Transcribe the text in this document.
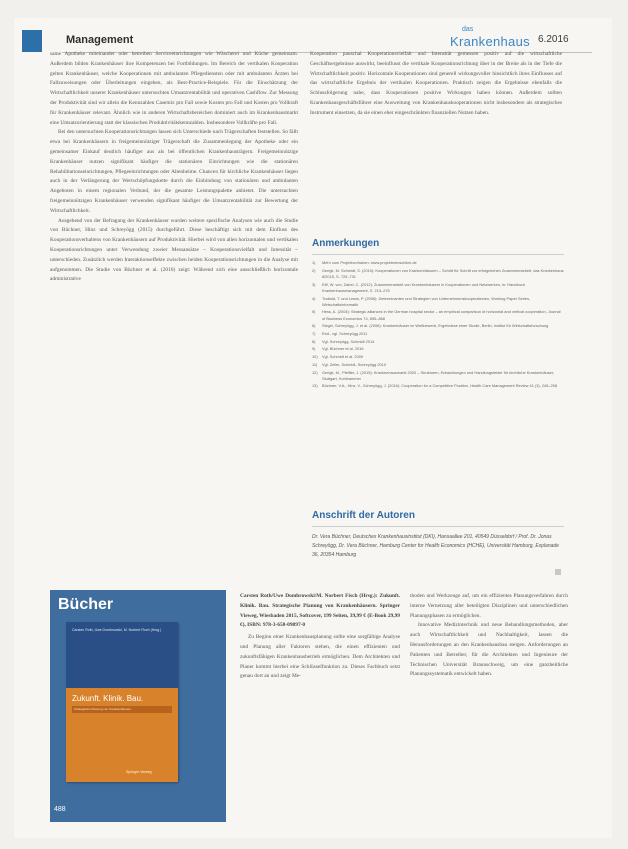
Management
das
Krankenhaus 6.2016

same Apotheke miteinander oder betreiben Serviceeinrichtungen wie Wäscherei und Küche gemeinsam. Außerdem bilden Krankenhäuser ihre Kompetenzen bei Fortbildungen. Im Bereich der vertikalen Kooperation gelten Krankenhäuser, welche Kooperationen mit ambulanten Pflegediensten oder mit ambulanten Ärzten bei Fallzuweisungen oder Überleitungen eingehen, als Best-Practice-Beispiele. Für die Einschätzung der Wirtschaftlichkeit unserer Krankenhäuser untersuchten Umsatzrentabilität und operativen Cashflow. Zur Messung der Produktivität sind wir allein die Kennzahlen Casemix pro Fall sowie Kosten pro Fall und Kosten pro Vollkraft für Krankenhäuser relevant. Ähnlich wie in anderen Wirtschaftsbereichen dominiert auch im Krankenhausmarkt eine Umsatzorientierung statt der klassischen Produktivitätskennzahlen. Insbesondere Vollkräfte pro Fall.

Bei den untersuchten Kooperationsrichtungen lassen sich Unterschiede nach Trägerschaften feststellen. So fällt etwa bei Krankenhäusern in freigemeinnütziger Trägerschaft die Zusammenlegung der Apotheke oder ein gemeinsamer Einkauf deutlich häufiger aus als bei öffentlichen Krankenhausträgern. Freigemeinnützige Krankenhäuser nutzen signifikant häufiger die stationären Einrichtungen wie die stationären Rehabilitationseinrichtungen, Pflegeeinrichtungen oder Altenheime. Chancen für kirchliche Krankenhäuser liegen auch in der Verlängerung der Wertschöpfungskette durch die Einbindung von stationären und ambulanten Angeboten in einem regionalen Verbund, der die gesamte Leistungspalette anbietet. Die untersuchten freigemeinnützigen Krankenhäuser verwenden signifikant häufiger die Umsatzrentabilität zur Bewertung der Wirtschaftlichkeit.

Ausgehend von der Befragung der Krankenhäuser wurden weitere spezifische Analysen wie auch die Studie von Büchner, Hinz und Schreyögg (2015) durchgeführt. Diese beschäftigt sich mit dem Einfluss des Kooperationsverhaltens von Krankenhäusern auf Produktivität. Hierbei wird von allen horizontalen und vertikalen Kooperationsrichtungen unter Verwendung zweier Messansätze – Kooperationsvielfalt und Intensität – unterschieden. Zusätzlich werden Interaktionseffekte zwischen beiden Kooperationsrichtungen in die Analyse mit aufgenommen. Die Studie von Büchner et al. (2016) zeigt: Während sich eine ausschließlich horizontale administrative

Kooperation pauschal Kooperationsvielfalt und Intensität gemessen positiv auf die wirtschaftliche Geschäftsergebnisse auswirkt, beeinflusst die vertikale Kooperationsrichtung über in der Breite als in der Tiefe die Wirtschaftlichkeit positiv. Horizontale Kooperationen sind generell wirkungsvoller hinsichtlich ihres Einflusses auf das wirtschaftliche Ergebnis der vertikalen Kooperationen. Praktisch zeigen die Ergebnisse ebenfalls die Schlussfolgerung nahe, dass Kooperationen positive Wirkungen haben können. Außerdem sollten Krankenhausgeschäftsführer eine Ausweitung von Krankenhauskooperationen nicht insbesondere als strategisches Instrument einsetzen, da sie einen eher eingeschränkten finanziellen Nutzen haben.

Anmerkungen
1)	Mehr zum Projektvorhaben: www.projektmenschlich.de
2)	Gerigk, M. Schmidt, S. (2015): Kooperationen von Krankenhäusern – Schritt für Schritt zur erfolgreichen Zusammenarbeit, das Krankenhaus 8/2015, S. 729–731
3)	Eiff, W. von, Zabel, C. (2012): Zusammenarbeit von Krankenhäusern in Kooperationen und Netzwerken, in: Handbuch Krankenhausmanagement, S. 213–276
4)	Trabold, T. und Lewis, P. (2006): Determinanten und Strategien von Unternehmenskooperationen, Working Paper Series, Wirtschaftsinformatik
5)	Hess, A. (2004): Strategic alliances in the German hospital sector – an empirical comparison of horizontal and vertical cooperation, Journal of Business Economics 74, 855–868
6)	Siegel, Schreyögg, J. et al. (2008): Krankenhäuser im Wettbewerb, Ergebnisse einer Studie, Berlin, Institut für Wirtschaftsforschung
7)	Ebd., vgl. Schreyögg 2011
8)	Vgl. Schreyögg, Schmidt 2014
9)	Vgl. Büchner et al. 2016
10)	Vgl. Schmidt et al. 2009
11)	Vgl. Zeller, Schmidt, Schreyögg 2010
12)	Gerigk, M., Pfeiffer, J. (2015): Krankenhausmarkt 2020 – Strukturen, Entwicklungen und Handlungsfelder für kirchliche Krankenhäuser, Stuttgart, Kohlhammer
13)	Büchner, V.A., Hinz, V., Schreyögg, J. (2016): Cooperation for a Competitive Position, Health Care Management Review 41 (3), 246–258
Anschrift der Autoren
Dr. Vera Büchner, Deutsches Krankenhausinstitut (DKI), Hansaallee 201, 40549 Düsseldorf / Prof. Dr. Jonas Schreyögg, Dr. Vera Büchner, Hamburg Center for Health Economics (HCHE), Universität Hamburg, Esplanade 36, 20354 Hamburg
Bücher
Carsten Roth, Uwe Dombrowski, M. Norbert Fisch (Hrsg.)
Zukunft. Klinik. Bau.
Strategische Planung von Krankenhäusern
Springer Vieweg
488

Carsten Roth/Uwe Dombrowski/M. Norbert Fisch (Hrsg.): Zukunft. Klinik. Bau. Strategische Planung von Krankenhäusern. Springer Vieweg, Wiesbaden 2015, Softcover, 199 Seiten, 39,99 € (E-Book 29,99 €), ISBN: 978-3-658-09897-0

Zu Beginn einer Krankenhausplanung sollte eine sorgfältige Analyse und Planung aller Faktoren stehen, die einen effizienten und zukunftsfähigen Krankenhausbetrieb ermöglichen. Dem Architekten und Planer kommt hierbei eine Schlüsselfunktion zu. Dieses Fachbuch setzt genau dort an und zeigt Me-

thoden und Werkzeuge auf, um ein effizientes Planungsverfahren durch interne Vernetzung aller beteiligten Disziplinen und unterschiedlichen Planungsphasen zu ermöglichen.

Innovative Medizintechnik und neue Behandlungsmethoden, aber auch Wirtschaftlichkeit und Nachhaltigkeit, lassen die Herausforderungen an den Krankenhausbau steigen. Anforderungen an Patienten und Betreiber, für die Architekten und Ingenieure der Technischen Universität Braunschweig, um eine ganzheitliche Planungssystematik entwickelt haben.
